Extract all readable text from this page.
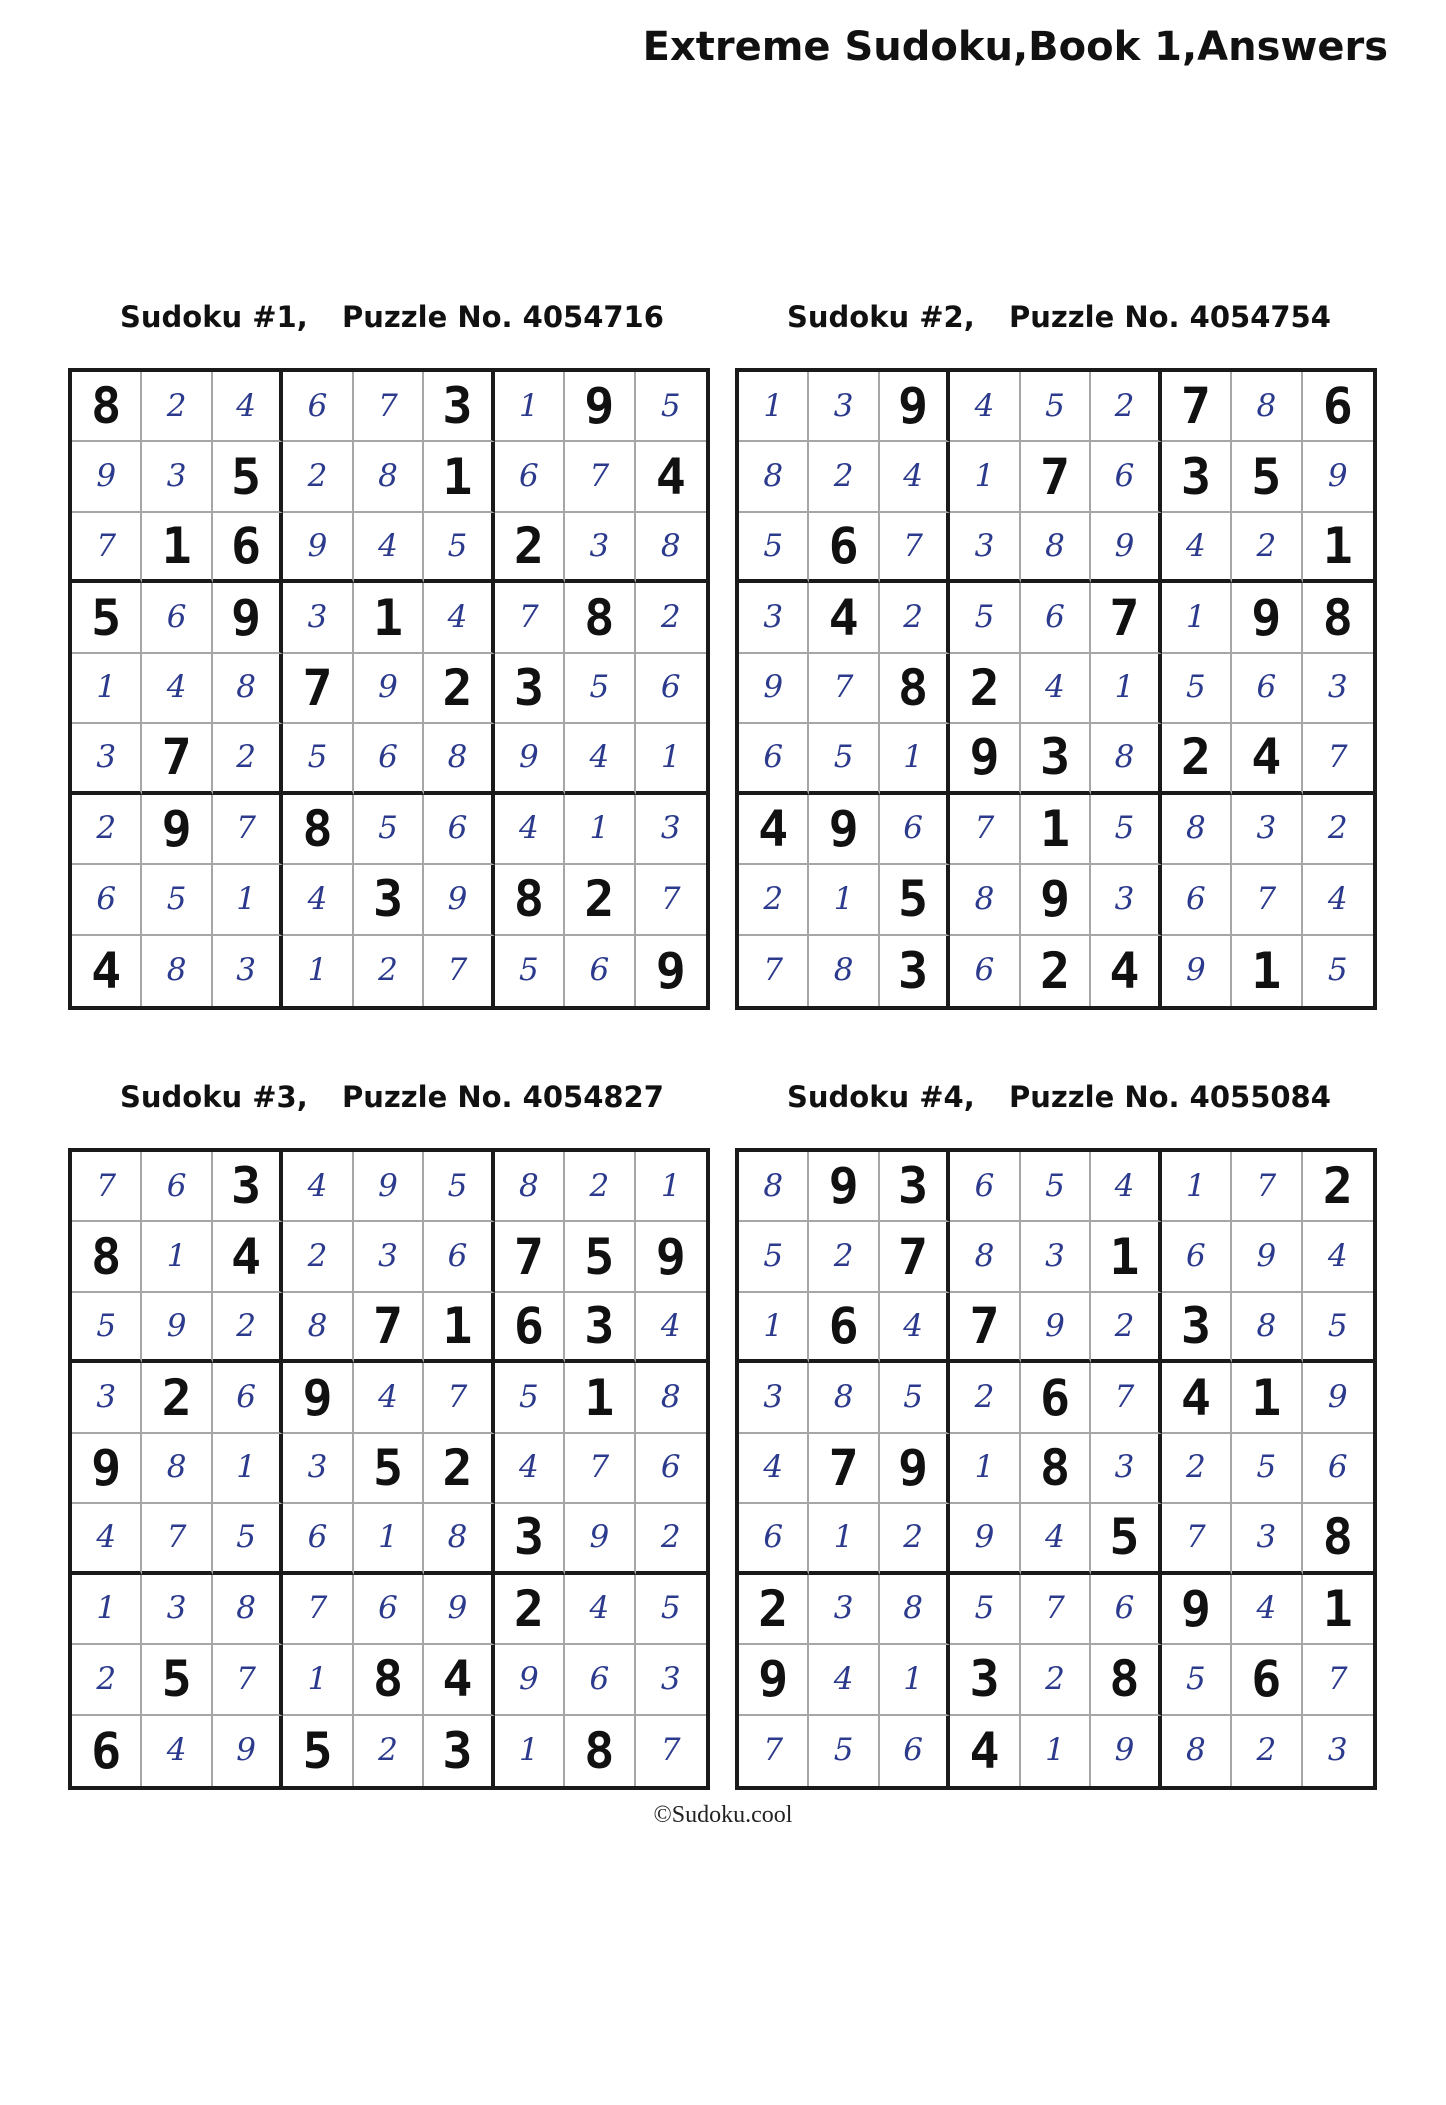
Extreme Sudoku,Book 1,Answers
Sudoku #1, Puzzle No. 4054716
8	2	4	6	7 3	1 9	5
9	3 5	2	8 1	6	7 4
7 1 6	9	4	5 2	3	8
5	6 9	3 1	4	7 8	2
1	4	8 7	9 2 3	5	6
3 7	2	5	6	8	9	4	1
2 9	7 8	5	6	4	1	3
6	5	1	4 3	9 8 2	7
4	8	3	1	2	7	5	6 9
Sudoku #2, Puzzle No. 4054754
1	3 9	4	5	2 7	8 6
8	2	4	1 7	6 3 5	9
5 6	7	3	8	9	4	2 1
3 4	2	5	6 7	1 9 8
9	7 8 2	4	1	5	6	3
6	5	1 9 3	8 2 4	7
4 9	6	7 1	5	8	3	2
2	1 5	8 9	3	6	7	4
7	8 3	6 2 4	9 1	5
Sudoku #3, Puzzle No. 4054827
7	6 3	4	9	5	8	2	1
8	1 4	2	3	6 7 5 9
5	9	2	8 7 1 6 3	4
3 2	6 9	4	7	5 1	8
9	8	1	3 5 2	4	7	6
4	7	5	6	1	8 3	9	2
1	3	8	7	6	9 2	4	5
2 5	7	1 8 4	9	6	3
6	4	9 5	2 3	1 8	7
Sudoku #4, Puzzle No. 4055084
8 9 3	6	5	4	1	7 2
5	2 7	8	3 1	6	9	4
1 6	4 7	9	2 3	8	5
3	8	5	2 6	7 4 1	9
4 7 9	1 8	3	2	5	6
6	1	2	9	4 5	7	3 8
2	3	8	5	7	6 9	4 1
9	4	1 3	2 8	5 6	7
7	5	6 4	1	9	8	2	3
©Sudoku.cool
